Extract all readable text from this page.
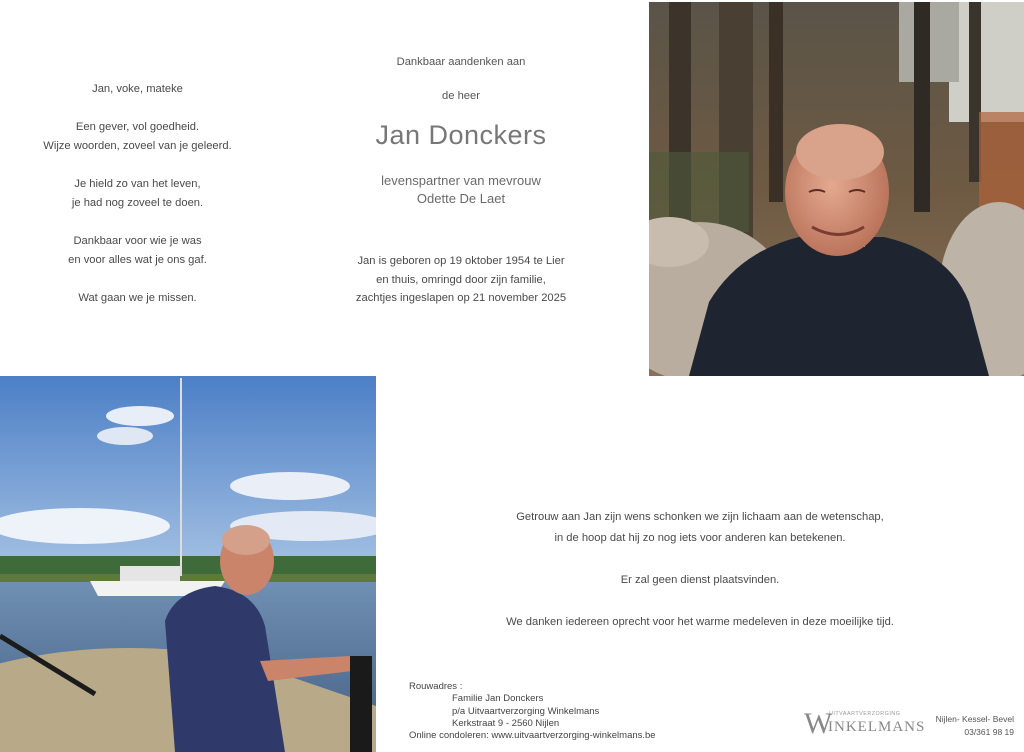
Jan, voke, mateke
Een gever, vol goedheid.
Wijze woorden, zoveel van je geleerd.
Je hield zo van het leven,
je had nog zoveel te doen.
Dankbaar voor wie je was
en voor alles wat je ons gaf.
Wat gaan we je missen.
Dankbaar aandenken aan
de heer
Jan Donckers
levenspartner van mevrouw
Odette De Laet
Jan is geboren op 19 oktober 1954 te Lier
en thuis, omringd door zijn familie,
zachtjes ingeslapen op 21 november 2025

Getrouw aan Jan zijn wens schonken we zijn lichaam aan de wetenschap,

in de hoop dat hij zo nog iets voor anderen kan betekenen.

Er zal geen dienst plaatsvinden.

We danken iedereen oprecht voor het warme medeleven in deze moeilijke tijd.

Rouwadres :
Familie Jan Donckers
p/a Uitvaartverzorging Winkelmans
Kerkstraat 9 - 2560 Nijlen
Online condoleren: www.uitvaartverzorging-winkelmans.be	W
UITVAARTVERZORGING
INKELMANS	Nijlen- Kessel- Bevel
03/361 98 19
